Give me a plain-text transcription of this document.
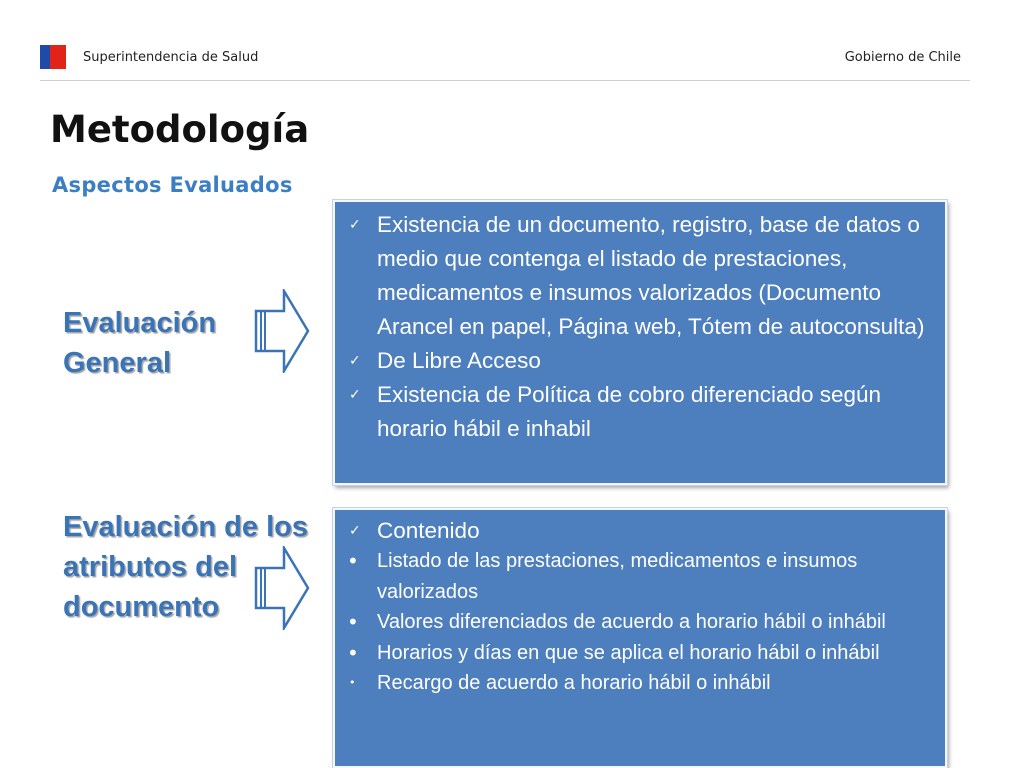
Superintendencia de Salud	Gobierno de Chile
Metodología
Aspectos Evaluados
Evaluación General
✓ Existencia de un documento, registro, base de datos o medio que contenga el listado de prestaciones, medicamentos e insumos valorizados (Documento Arancel en papel, Página web, Tótem de autoconsulta)
✓ De Libre Acceso
✓ Existencia de Política de cobro diferenciado según horario hábil e inhabil
Evaluación de los atributos del documento
✓ Contenido
• Listado de las prestaciones, medicamentos e insumos valorizados
• Valores diferenciados de acuerdo a horario hábil o inhábil
• Horarios y días en que se aplica el horario hábil o inhábil
• Recargo de acuerdo a horario hábil o inhábil
